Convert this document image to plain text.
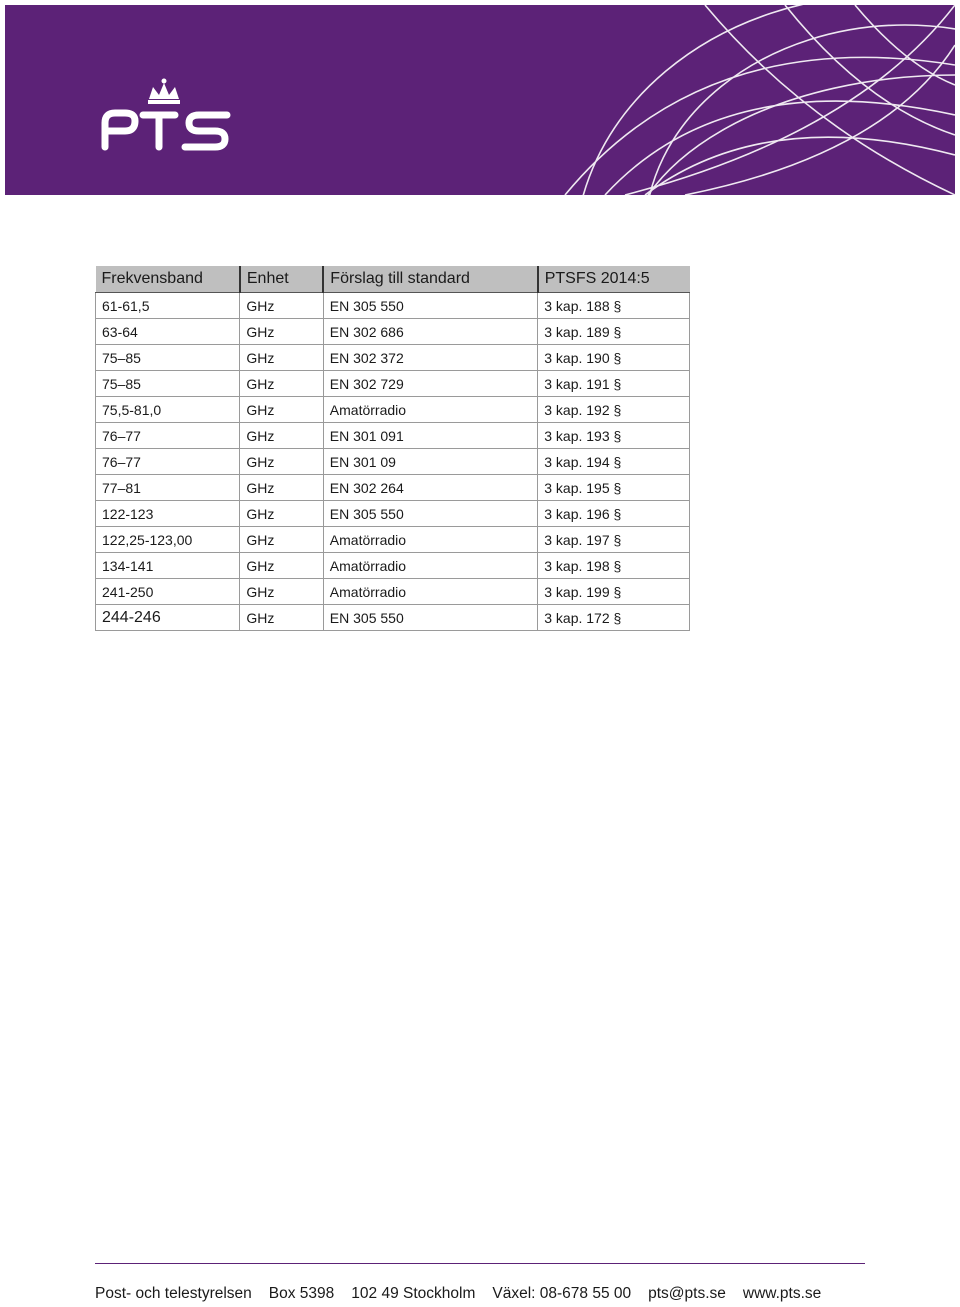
Frekvensband	Enhet	Förslag till standard	PTSFS 2014:5
61-61,5	GHz	EN 305 550	3 kap. 188 §
63-64	GHz	EN 302 686	3 kap. 189 §
75–85	GHz	EN 302 372	3 kap. 190 §
75–85	GHz	EN 302 729	3 kap. 191 §
75,5-81,0	GHz	Amatörradio	3 kap. 192 §
76–77	GHz	EN 301 091	3 kap. 193 §
76–77	GHz	EN 301 09	3 kap. 194 §
77–81	GHz	EN 302 264	3 kap. 195 §
122-123	GHz	EN 305 550	3 kap. 196 §
122,25-123,00	GHz	Amatörradio	3 kap. 197 §
134-141	GHz	Amatörradio	3 kap. 198 §
241-250	GHz	Amatörradio	3 kap. 199 §
244-246	GHz	EN 305 550	3 kap. 172 §
Post- och telestyrelsen Box 5398 102 49 Stockholm Växel: 08-678 55 00 pts@pts.se www.pts.se
